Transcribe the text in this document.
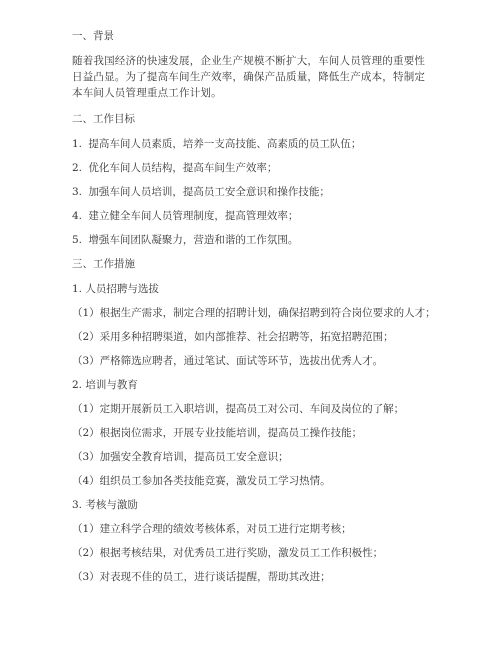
一、背景
随着我国经济的快速发展，企业生产规模不断扩大，车间人员管理的重要性日益凸显。为了提高车间生产效率，确保产品质量，降低生产成本，特制定本车间人员管理重点工作计划。
二、工作目标
1. 提高车间人员素质，培养一支高技能、高素质的员工队伍；
2. 优化车间人员结构，提高车间生产效率；
3. 加强车间人员培训，提高员工安全意识和操作技能；
4. 建立健全车间人员管理制度，提高管理效率；
5. 增强车间团队凝聚力，营造和谐的工作氛围。
三、工作措施
1. 人员招聘与选拔
（1）根据生产需求，制定合理的招聘计划，确保招聘到符合岗位要求的人才；
（2）采用多种招聘渠道，如内部推荐、社会招聘等，拓宽招聘范围；
（3）严格筛选应聘者，通过笔试、面试等环节，选拔出优秀人才。
2. 培训与教育
（1）定期开展新员工入职培训，提高员工对公司、车间及岗位的了解；
（2）根据岗位需求，开展专业技能培训，提高员工操作技能；
（3）加强安全教育培训，提高员工安全意识；
（4）组织员工参加各类技能竞赛，激发员工学习热情。
3. 考核与激励
（1）建立科学合理的绩效考核体系，对员工进行定期考核；
（2）根据考核结果，对优秀员工进行奖励，激发员工工作积极性；
（3）对表现不佳的员工，进行谈话提醒，帮助其改进；
